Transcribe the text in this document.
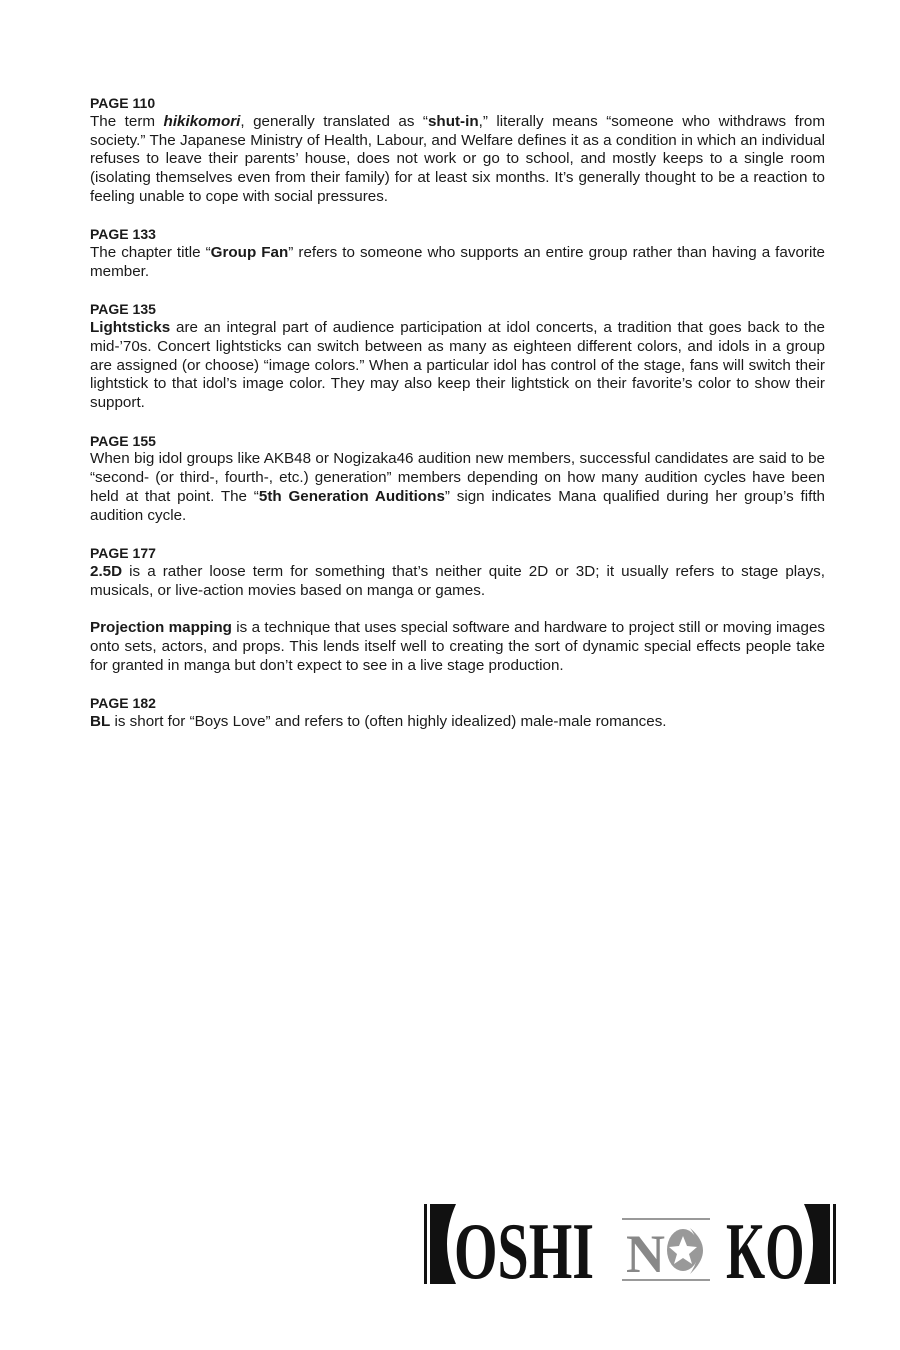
PAGE 110

The term hikikomori, generally translated as “shut-in,” literally means “someone who withdraws from society.” The Japanese Ministry of Health, Labour, and Welfare defines it as a condition in which an individual refuses to leave their parents’ house, does not work or go to school, and mostly keeps to a single room (isolating themselves even from their family) for at least six months. It’s generally thought to be a reaction to feeling unable to cope with social pressures.

PAGE 133

The chapter title “Group Fan” refers to someone who supports an entire group rather than having a favorite member.

PAGE 135

Lightsticks are an integral part of audience participation at idol concerts, a tradition that goes back to the mid-’70s. Concert lightsticks can switch between as many as eighteen different colors, and idols in a group are assigned (or choose) “image colors.” When a particular idol has control of the stage, fans will switch their lightstick to that idol’s image color. They may also keep their lightstick on their favorite’s color to show their support.

PAGE 155

When big idol groups like AKB48 or Nogizaka46 audition new members, successful candidates are said to be “second- (or third-, fourth-, etc.) generation” members depending on how many audition cycles have been held at that point. The “5th Generation Auditions” sign indicates Mana qualified during her group’s fifth audition cycle.

PAGE 177

2.5D is a rather loose term for something that’s neither quite 2D or 3D; it usually refers to stage plays, musicals, or live-action movies based on manga or games.

Projection mapping is a technique that uses special software and hardware to project still or moving images onto sets, actors, and props. This lends itself well to creating the sort of dynamic special effects people take for granted in manga but don’t expect to see in a live stage production.

PAGE 182

BL is short for “Boys Love” and refers to (often highly idealized) male-male romances.

OSHI N KO
